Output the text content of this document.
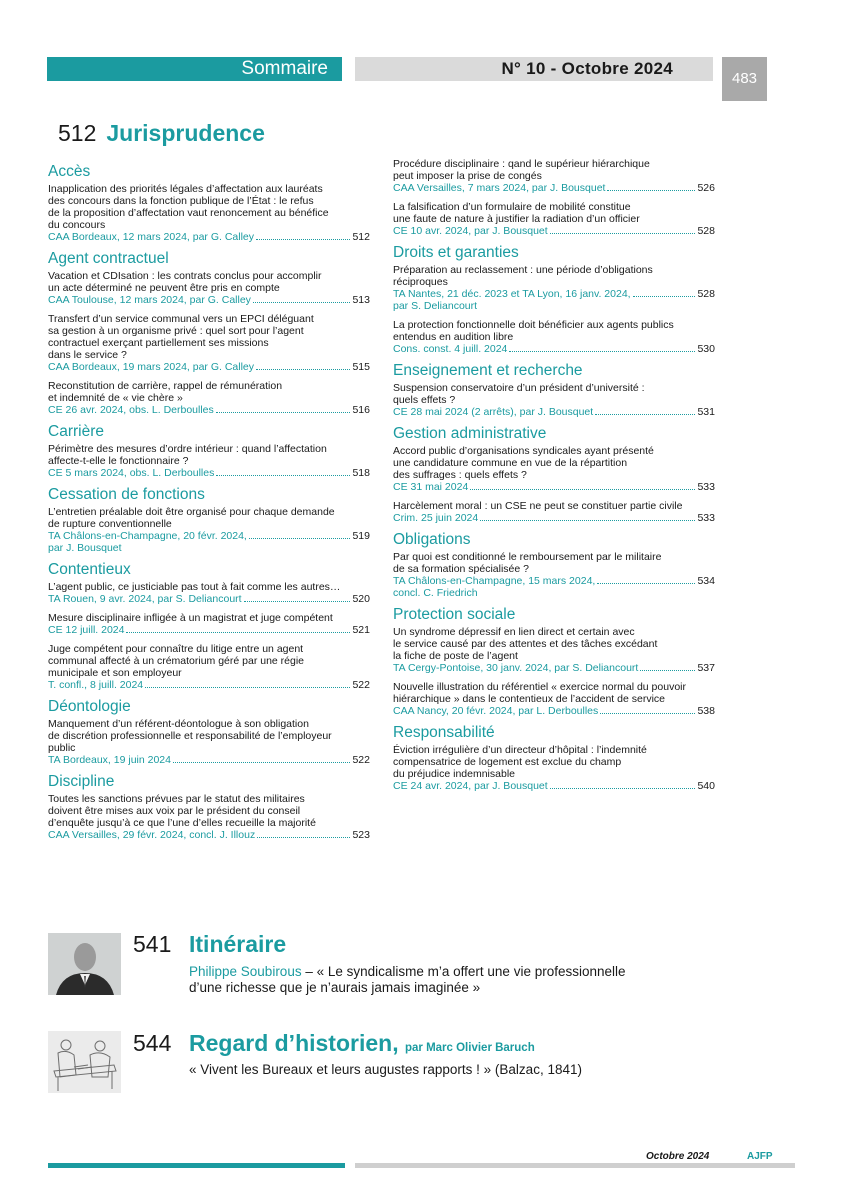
Sommaire	N° 10 - Octobre 2024
483
512 Jurisprudence
Accès
Inapplication des priorités légales d’affectation aux lauréats
des concours dans la fonction publique de l’État : le refus
de la proposition d’affectation vaut renoncement au bénéfice
du concours
CAA Bordeaux, 12 mars 2024, par G. Calley	512
Agent contractuel
Vacation et CDIsation : les contrats conclus pour accomplir
un acte déterminé ne peuvent être pris en compte
CAA Toulouse, 12 mars 2024, par G. Calley	513
Transfert d’un service communal vers un EPCI déléguant
sa gestion à un organisme privé : quel sort pour l’agent
contractuel exerçant partiellement ses missions
dans le service ?
CAA Bordeaux, 19 mars 2024, par G. Calley	515
Reconstitution de carrière, rappel de rémunération
et indemnité de « vie chère »
CE 26 avr. 2024, obs. L. Derboulles	516
Carrière
Périmètre des mesures d’ordre intérieur : quand l’affectation
affecte-t-elle le fonctionnaire ?
CE 5 mars 2024, obs. L. Derboulles	518
Cessation de fonctions
L’entretien préalable doit être organisé pour chaque demande
de rupture conventionnelle
TA Châlons-en-Champagne, 20 févr. 2024,
par J. Bousquet
519
Contentieux
L’agent public, ce justiciable pas tout à fait comme les autres…
TA Rouen, 9 avr. 2024, par S. Deliancourt	520
Mesure disciplinaire infligée à un magistrat et juge compétent
CE 12 juill. 2024	521
Juge compétent pour connaître du litige entre un agent
communal affecté à un crématorium géré par une régie
municipale et son employeur
T. confl., 8 juill. 2024	522
Déontologie
Manquement d’un référent-déontologue à son obligation
de discrétion professionnelle et responsabilité de l’employeur
public
TA Bordeaux, 19 juin 2024	522
Discipline
Toutes les sanctions prévues par le statut des militaires
doivent être mises aux voix par le président du conseil
d’enquête jusqu’à ce que l’une d’elles recueille la majorité
CAA Versailles, 29 févr. 2024, concl. J. Illouz	523
Procédure disciplinaire : qand le supérieur hiérarchique
peut imposer la prise de congés
CAA Versailles, 7 mars 2024, par J. Bousquet	526
La falsification d’un formulaire de mobilité constitue
une faute de nature à justifier la radiation d’un officier
CE 10 avr. 2024, par J. Bousquet	528
Droits et garanties
Préparation au reclassement : une période d’obligations
réciproques
TA Nantes, 21 déc. 2023 et TA Lyon, 16 janv. 2024,
par S. Deliancourt
528
La protection fonctionnelle doit bénéficier aux agents publics
entendus en audition libre
Cons. const. 4 juill. 2024	530
Enseignement et recherche
Suspension conservatoire d’un président d’université :
quels effets ?
CE 28 mai 2024 (2 arrêts), par J. Bousquet	531
Gestion administrative
Accord public d’organisations syndicales ayant présenté
une candidature commune en vue de la répartition
des suffrages : quels effets ?
CE 31 mai 2024	533
Harcèlement moral : un CSE ne peut se constituer partie civile
Crim. 25 juin 2024	533
Obligations
Par quoi est conditionné le remboursement par le militaire
de sa formation spécialisée ?
TA Châlons-en-Champagne, 15 mars 2024,
concl. C. Friedrich
534
Protection sociale
Un syndrome dépressif en lien direct et certain avec
le service causé par des attentes et des tâches excédant
la fiche de poste de l’agent
TA Cergy-Pontoise, 30 janv. 2024, par S. Deliancourt	537
Nouvelle illustration du référentiel « exercice normal du pouvoir
hiérarchique » dans le contentieux de l’accident de service
CAA Nancy, 20 févr. 2024, par L. Derboulles	538
Responsabilité
Éviction irrégulière d’un directeur d’hôpital : l’indemnité
compensatrice de logement est exclue du champ
du préjudice indemnisable
CE 24 avr. 2024, par J. Bousquet	540
541 Itinéraire
Philippe Soubirous – « Le syndicalisme m’a offert une vie professionnelle
d’une richesse que je n’aurais jamais imaginée »
544 Regard d’historien, par Marc Olivier Baruch
« Vivent les Bureaux et leurs augustes rapports ! » (Balzac, 1841)
Octobre 2024	AJFP
